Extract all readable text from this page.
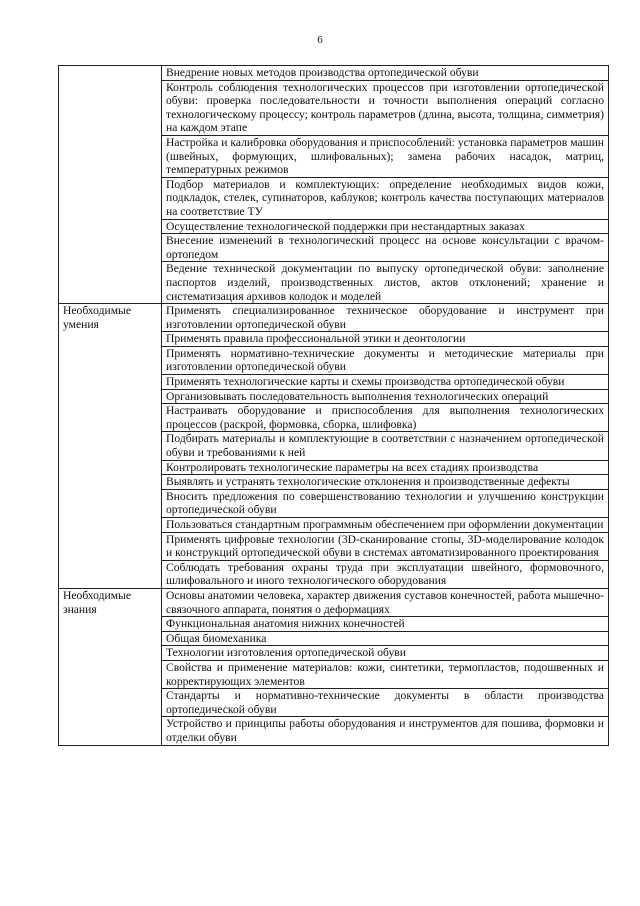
6
	Внедрение новых методов производства ортопедической обуви
	Контроль соблюдения технологических процессов при изготовлении ортопедической обуви: проверка последовательности и точности выполнения операций согласно технологическому процессу; контроль параметров (длина, высота, толщина, симметрия) на каждом этапе
	Настройка и калибровка оборудования и приспособлений: установка параметров машин (швейных, формующих, шлифовальных); замена рабочих насадок, матриц, температурных режимов
	Подбор материалов и комплектующих: определение необходимых видов кожи, подкладок, стелек, супинаторов, каблуков; контроль качества поступающих материалов на соответствие ТУ
	Осуществление технологической поддержки при нестандартных заказах
	Внесение изменений в технологический процесс на основе консультации с врачом-ортопедом
	Ведение технической документации по выпуску ортопедической обуви: заполнение паспортов изделий, производственных листов, актов отклонений; хранение и систематизация архивов колодок и моделей
Необходимые умения	Применять специализированное техническое оборудование и инструмент при изготовлении ортопедической обуви
	Применять правила профессиональной этики и деонтологии
	Применять нормативно-технические документы и методические материалы при изготовлении ортопедической обуви
	Применять технологические карты и схемы производства ортопедической обуви
	Организовывать последовательность выполнения технологических операций
	Настраивать оборудование и приспособления для выполнения технологических процессов (раскрой, формовка, сборка, шлифовка)
	Подбирать материалы и комплектующие в соответствии с назначением ортопедической обуви и требованиями к ней
	Контролировать технологические параметры на всех стадиях производства
	Выявлять и устранять технологические отклонения и производственные дефекты
	Вносить предложения по совершенствованию технологии и улучшению конструкции ортопедической обуви
	Пользоваться стандартным программным обеспечением при оформлении документации
	Применять цифровые технологии (3D-сканирование стопы, 3D-моделирование колодок и конструкций ортопедической обуви в системах автоматизированного проектирования
	Соблюдать требования охраны труда при эксплуатации швейного, формовочного, шлифовального и иного технологического оборудования
Необходимые знания	Основы анатомии человека, характер движения суставов конечностей, работа мышечно-связочного аппарата, понятия о деформациях
	Функциональная анатомия нижних конечностей
	Общая биомеханика
	Технологии изготовления ортопедической обуви
	Свойства и применение материалов: кожи, синтетики, термопластов, подошвенных и корректирующих элементов
	Стандарты и нормативно-технические документы в области производства ортопедической обуви
	Устройство и принципы работы оборудования и инструментов для пошива, формовки и отделки обуви
